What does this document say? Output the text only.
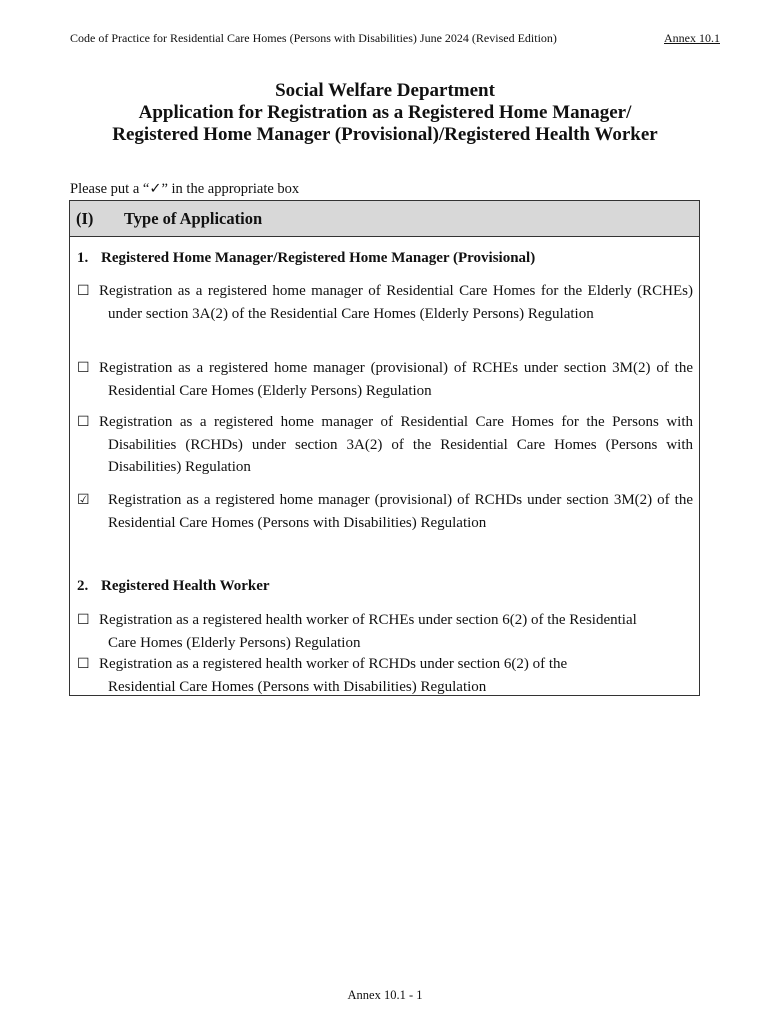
Code of Practice for Residential Care Homes (Persons with Disabilities) June 2024 (Revised Edition)	Annex 10.1
Social Welfare Department
Application for Registration as a Registered Home Manager/
Registered Home Manager (Provisional)/Registered Health Worker
Please put a “✓” in the appropriate box
(I)	Type of Application
1. Registered Home Manager/Registered Home Manager (Provisional)
☐ Registration as a registered home manager of Residential Care Homes for the Elderly (RCHEs) under section 3A(2) of the Residential Care Homes (Elderly Persons) Regulation
☐ Registration as a registered home manager (provisional) of RCHEs under section 3M(2) of the Residential Care Homes (Elderly Persons) Regulation
☐ Registration as a registered home manager of Residential Care Homes for the Persons with Disabilities (RCHDs) under section 3A(2) of the Residential Care Homes (Persons with Disabilities) Regulation
☑ Registration as a registered home manager (provisional) of RCHDs under section 3M(2) of the Residential Care Homes (Persons with Disabilities) Regulation
2. Registered Health Worker
☐ Registration as a registered health worker of RCHEs under section 6(2) of the Residential Care Homes (Elderly Persons) Regulation
☐ Registration as a registered health worker of RCHDs under section 6(2) of the Residential Care Homes (Persons with Disabilities) Regulation
Annex 10.1 - 1
